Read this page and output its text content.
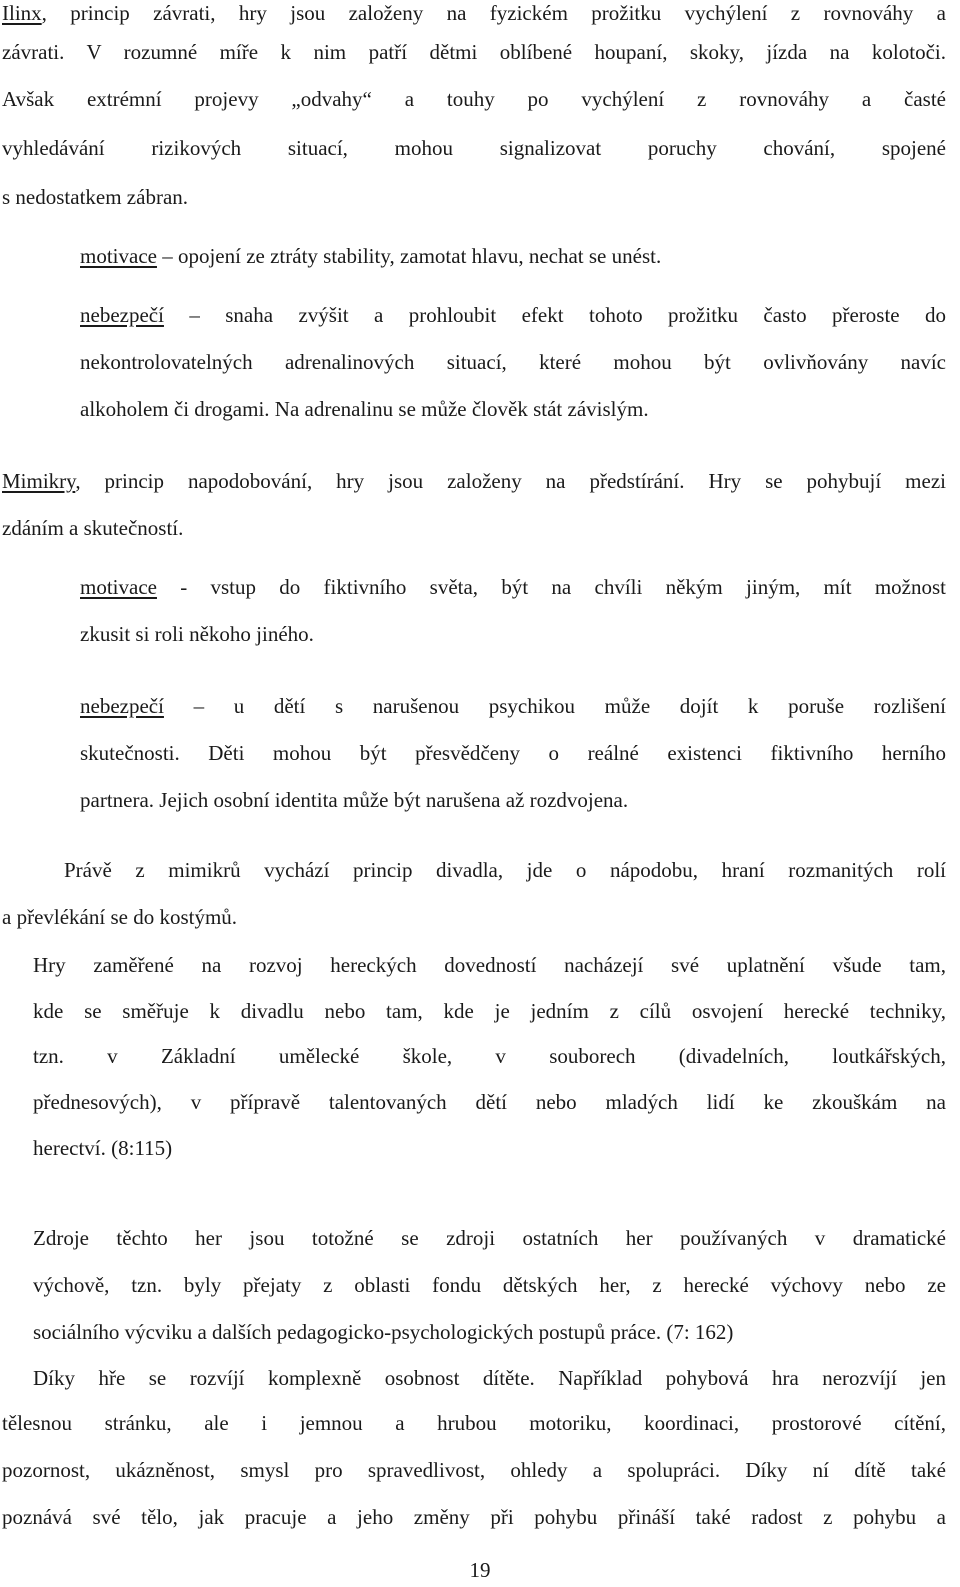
Ilinx, princip závrati, hry jsou založeny na fyzickém prožitku vychýlení z rovnováhy a
závrati. V rozumné míře k nim patří dětmi oblíbené houpaní, skoky, jízda na kolotoči.
Avšak extrémní projevy „odvahy“ a touhy po vychýlení z rovnováhy a časté
vyhledávání rizikových situací, mohou signalizovat poruchy chování, spojené
s nedostatkem zábran.
motivace – opojení ze ztráty stability, zamotat hlavu, nechat se unést.
nebezpečí – snaha zvýšit a prohloubit efekt tohoto prožitku často přeroste do
nekontrolovatelných adrenalinových situací, které mohou být ovlivňovány navíc
alkoholem či drogami. Na adrenalinu se může člověk stát závislým.
Mimikry, princip napodobování, hry jsou založeny na předstírání. Hry se pohybují mezi
zdáním a skutečností.
motivace - vstup do fiktivního světa, být na chvíli někým jiným, mít možnost
zkusit si roli někoho jiného.
nebezpečí – u dětí s narušenou psychikou může dojít k poruše rozlišení
skutečnosti. Děti mohou být přesvědčeny o reálné existenci fiktivního herního
partnera. Jejich osobní identita může být narušena až rozdvojena.
Právě z mimikrů vychází princip divadla, jde o nápodobu, hraní rozmanitých rolí
a převlékání se do kostýmů.
Hry zaměřené na rozvoj hereckých dovedností nacházejí své uplatnění všude tam,
kde se směřuje k divadlu nebo tam, kde je jedním z cílů osvojení herecké techniky,
tzn. v Základní umělecké škole, v souborech (divadelních, loutkářských,
přednesových), v přípravě talentovaných dětí nebo mladých lidí ke zkouškám na
herectví. (8:115)
Zdroje těchto her jsou totožné se zdroji ostatních her používaných v dramatické
výchově, tzn. byly přejaty z oblasti fondu dětských her, z herecké výchovy nebo ze
sociálního výcviku a dalších pedagogicko-psychologických postupů práce. (7: 162)
Díky hře se rozvíjí komplexně osobnost dítěte. Například pohybová hra nerozvíjí jen
tělesnou stránku, ale i jemnou a hrubou motoriku, koordinaci, prostorové cítění,
pozornost, ukázněnost, smysl pro spravedlivost, ohledy a spolupráci. Díky ní dítě také
poznává své tělo, jak pracuje a jeho změny při pohybu přináší také radost z pohybu a
19
